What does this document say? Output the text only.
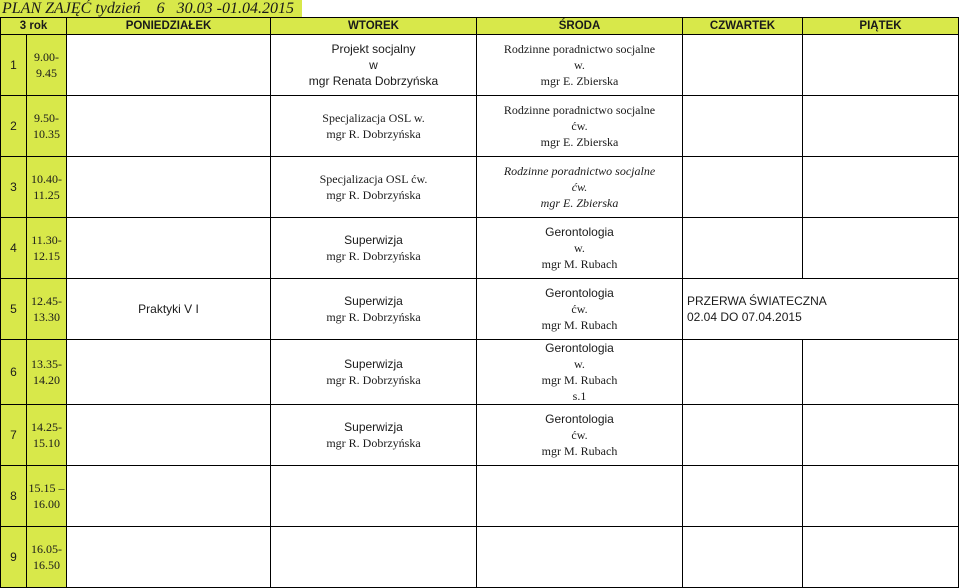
PLAN ZAJĘĆ tydzień 6 30.03 -01.04.2015
3 rok		PONIEDZIAŁEK	WTOREK	ŚRODA	CZWARTEK	PIĄTEK
1	9.00-9.45		Projekt socjalny
w
mgr Renata Dobrzyńska	Rodzinne poradnictwo socjalne
w.
mgr E. Zbierska		

2	9.50-
10.35		Specjalizacja OSL w.
mgr R. Dobrzyńska	Rodzinne poradnictwo socjalne
ćw.
mgr E. Zbierska		

3	10.40-
11.25		Specjalizacja OSL ćw.
mgr R. Dobrzyńska	Rodzinne poradnictwo socjalne
ćw.
mgr E. Zbierska		

4	11.30-
12.15		Superwizja
mgr R. Dobrzyńska	Gerontologia
w.
mgr M. Rubach		

5	12.45-
13.30	Praktyki V I	Superwizja
mgr R. Dobrzyńska	Gerontologia
ćw.
mgr M. Rubach	PRZERWA ŚWIATECZNA
02.04 DO 07.04.2015	

6	13.35-
14.20		Superwizja
mgr R. Dobrzyńska	Gerontologia
w.
mgr M. Rubach
s.1		

7	14.25-
15.10		Superwizja
mgr R. Dobrzyńska	Gerontologia
ćw.
mgr M. Rubach		

8	15.15 –
16.00					

9	16.05-
16.50					
